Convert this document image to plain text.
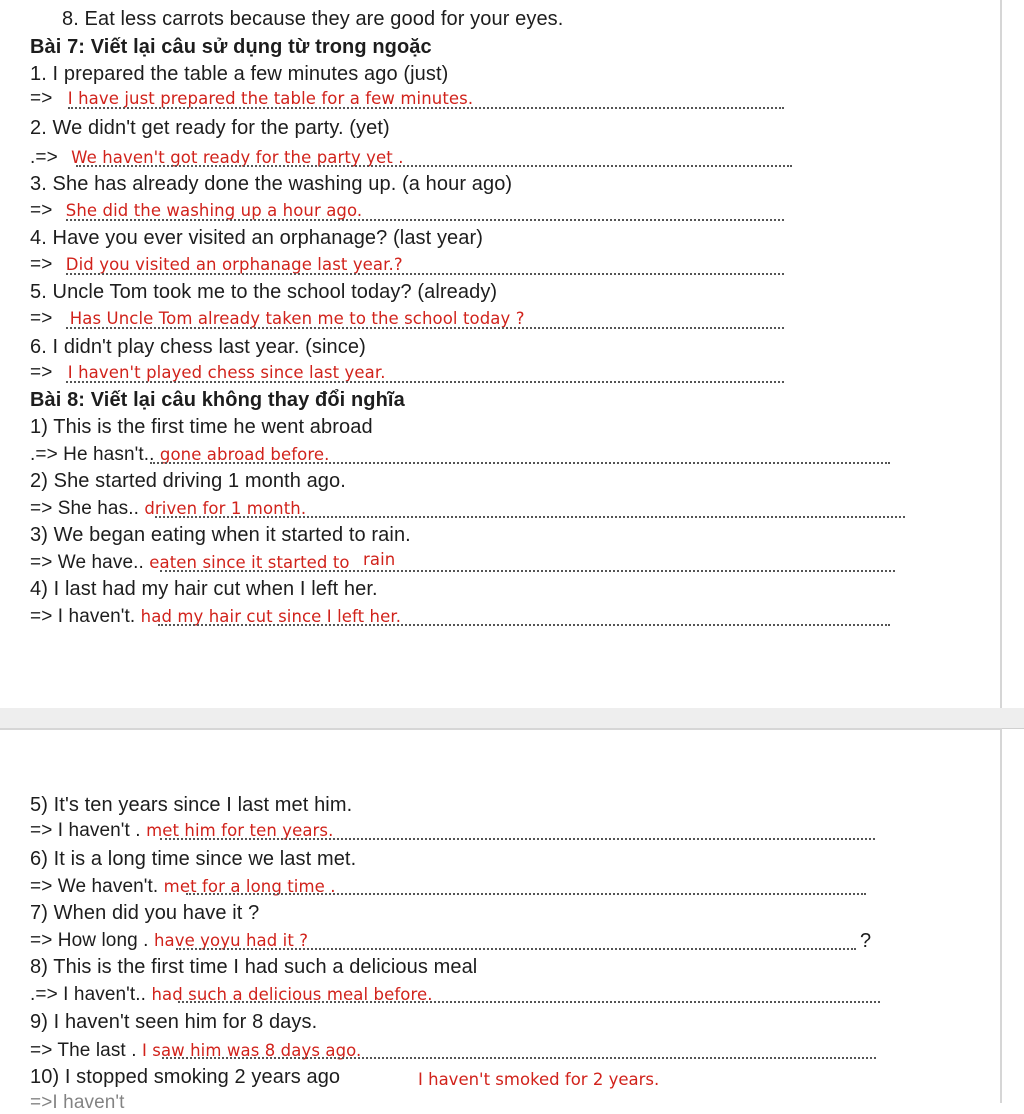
8. Eat less carrots because they are good for your eyes.
Bài 7: Viết lại câu sử dụng từ trong ngoặc
1. I prepared the table a few minutes ago (just)
=> I have just prepared the table for a few minutes.
2. We didn't get ready for the party. (yet)
.=> We haven't got ready for the party yet .
3. She has already done the washing up. (a hour ago)
=> She did the washing up a hour ago.
4. Have you ever visited an orphanage? (last year)
=> Did you visited an orphanage last year.?
5. Uncle Tom took me to the school today? (already)
=> Has Uncle Tom already taken me to the school today ?
6. I didn't play chess last year. (since)
=> I haven't played chess since last year.
Bài 8: Viết lại câu không thay đổi nghĩa
1) This is the first time he went abroad
.=> He hasn't.. gone abroad before.
2) She started driving 1 month ago.
=> She has.. driven for 1 month.
3) We began eating when it started to rain.
=> We have.. eaten since it started to rain
4) I last had my hair cut when I left her.
=> I haven't. had my hair cut since I left her.
5) It's ten years since I last met him.
=> I haven't . met him for ten years.
6) It is a long time since we last met.
=> We haven't. met for a long time .
7) When did you have it ?
=> How long . have yoyu had it ?	?
8) This is the first time I had such a delicious meal
.=> I haven't.. had such a delicious meal before.
9) I haven't seen him for 8 days.
=> The last . I saw him was 8 days ago.
10) I stopped smoking 2 years ago	I haven't smoked for 2 years.
=>I haven't
